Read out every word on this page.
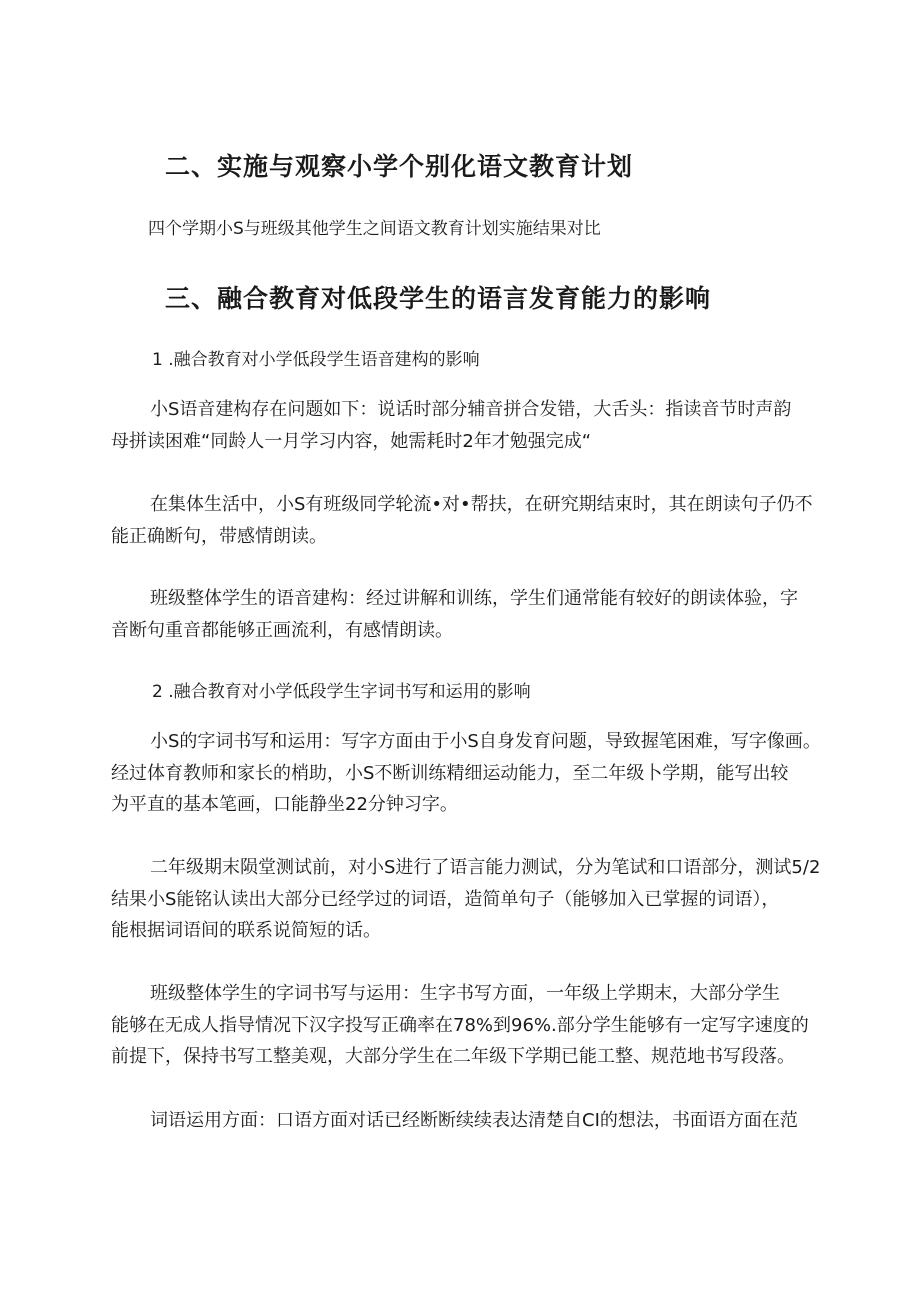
二、实施与观察小学个别化语文教育计划

四个学期小S与班级其他学生之间语文教育计划实施结果对比

三、融合教育对低段学生的语言发育能力的影响

1 .融合教育对小学低段学生语音建构的影响

小S语音建构存在问题如下：说话时部分辅音拼合发错，大舌头：指读音节时声韵

母拼读困难“同龄人一月学习内容，她需耗时2年才勉强完成“

在集体生活中，小S有班级同学轮流•对•帮扶，在研究期结束时，其在朗读句子仍不

能正确断句，带感情朗读。

班级整体学生的语音建构：经过讲解和训练，学生们通常能有较好的朗读体验，字

音断句重音都能够正画流利，有感情朗读。

2 .融合教育对小学低段学生字词书写和运用的影响

小S的字词书写和运用：写字方面由于小S自身发育问题，导致握笔困难，写字像画。

经过体育教师和家长的梢助，小S不断训练精细运动能力，至二年级卜学期，能写出较
为平直的基本笔画，口能静坐22分钟习字。

二年级期末陨堂测试前，对小S进行了语言能力测试，分为笔试和口语部分，测试5/2

结果小S能铭认读出大部分已经学过的词语，造简单句子（能够加入已掌握的词语），
能根据词语间的联系说简短的话。

班级整体学生的字词书写与运用：生字书写方面，一年级上学期末，大部分学生

能够在无成人指导情况下汉字投写正确率在78%到96%.部分学生能够有一定写字速度的
前提下，保持书写工整美观，大部分学生在二年级下学期已能工整、规范地书写段落。

词语运用方面：口语方面对话已经断断续续表达清楚自CI的想法，书面语方面在范
